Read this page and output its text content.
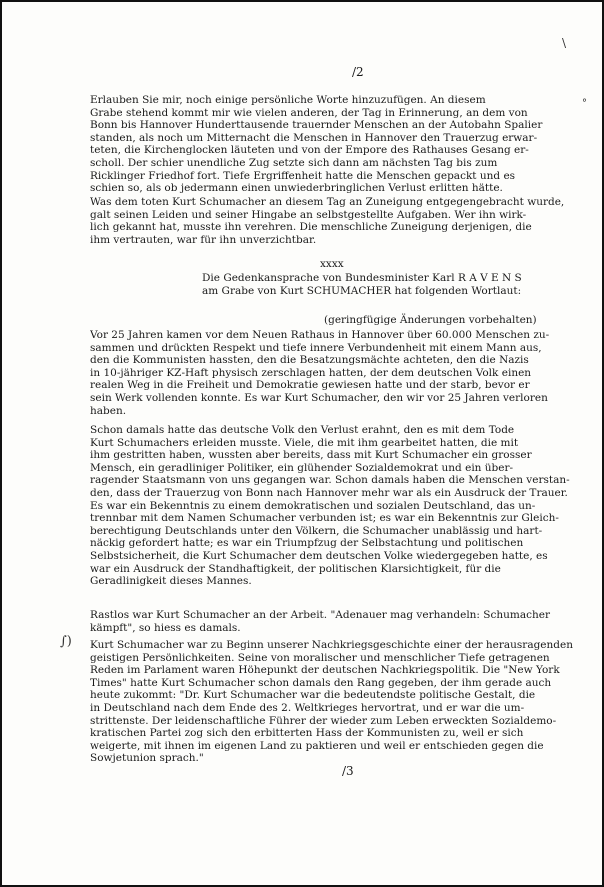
\
°
/2
Erlauben Sie mir, noch einige persönliche Worte hinzuzufügen. An diesem
Grabe stehend kommt mir wie vielen anderen, der Tag in Erinnerung, an dem von
Bonn bis Hannover Hunderttausende trauernder Menschen an der Autobahn Spalier
standen, als noch um Mitternacht die Menschen in Hannover den Trauerzug erwar-
teten, die Kirchenglocken läuteten und von der Empore des Rathauses Gesang er-
scholl. Der schier unendliche Zug setzte sich dann am nächsten Tag bis zum
Ricklinger Friedhof fort. Tiefe Ergriffenheit hatte die Menschen gepackt und es
schien so, als ob jedermann einen unwiederbringlichen Verlust erlitten hätte.
Was dem toten Kurt Schumacher an diesem Tag an Zuneigung entgegengebracht wurde,
galt seinen Leiden und seiner Hingabe an selbstgestellte Aufgaben. Wer ihn wirk-
lich gekannt hat, musste ihn verehren. Die menschliche Zuneigung derjenigen, die
ihm vertrauten, war für ihn unverzichtbar.
xxxx
Die Gedenkansprache von Bundesminister Karl R A V E N S
am Grabe von Kurt SCHUMACHER hat folgenden Wortlaut:
(geringfügige Änderungen vorbehalten)
Vor 25 Jahren kamen vor dem Neuen Rathaus in Hannover über 60.000 Menschen zu-
sammen und drückten Respekt und tiefe innere Verbundenheit mit einem Mann aus,
den die Kommunisten hassten, den die Besatzungsmächte achteten, den die Nazis
in 10-jähriger KZ-Haft physisch zerschlagen hatten, der dem deutschen Volk einen
realen Weg in die Freiheit und Demokratie gewiesen hatte und der starb, bevor er
sein Werk vollenden konnte. Es war Kurt Schumacher, den wir vor 25 Jahren verloren
haben.
Schon damals hatte das deutsche Volk den Verlust erahnt, den es mit dem Tode
Kurt Schumachers erleiden musste. Viele, die mit ihm gearbeitet hatten, die mit
ihm gestritten haben, wussten aber bereits, dass mit Kurt Schumacher ein grosser
Mensch, ein geradliniger Politiker, ein glühender Sozialdemokrat und ein über-
ragender Staatsmann von uns gegangen war. Schon damals haben die Menschen verstan-
den, dass der Trauerzug von Bonn nach Hannover mehr war als ein Ausdruck der Trauer.
Es war ein Bekenntnis zu einem demokratischen und sozialen Deutschland, das un-
trennbar mit dem Namen Schumacher verbunden ist; es war ein Bekenntnis zur Gleich-
berechtigung Deutschlands unter den Völkern, die Schumacher unablässig und hart-
näckig gefordert hatte; es war ein Triumpfzug der Selbstachtung und politischen
Selbstsicherheit, die Kurt Schumacher dem deutschen Volke wiedergegeben hatte, es
war ein Ausdruck der Standhaftigkeit, der politischen Klarsichtigkeit, für die
Geradlinigkeit dieses Mannes.
Rastlos war Kurt Schumacher an der Arbeit. "Adenauer mag verhandeln: Schumacher
kämpft", so hiess es damals.
∫) Kurt Schumacher war zu Beginn unserer Nachkriegsgeschichte einer der herausragenden
geistigen Persönlichkeiten. Seine von moralischer und menschlicher Tiefe getragenen
Reden im Parlament waren Höhepunkt der deutschen Nachkriegspolitik. Die "New York
Times" hatte Kurt Schumacher schon damals den Rang gegeben, der ihm gerade auch
heute zukommt: "Dr. Kurt Schumacher war die bedeutendste politische Gestalt, die
in Deutschland nach dem Ende des 2. Weltkrieges hervortrat, und er war die um-
strittenste. Der leidenschaftliche Führer der wieder zum Leben erweckten Sozialdemo-
kratischen Partei zog sich den erbitterten Hass der Kommunisten zu, weil er sich
weigerte, mit ihnen im eigenen Land zu paktieren und weil er entschieden gegen die
Sowjetunion sprach."
/3
